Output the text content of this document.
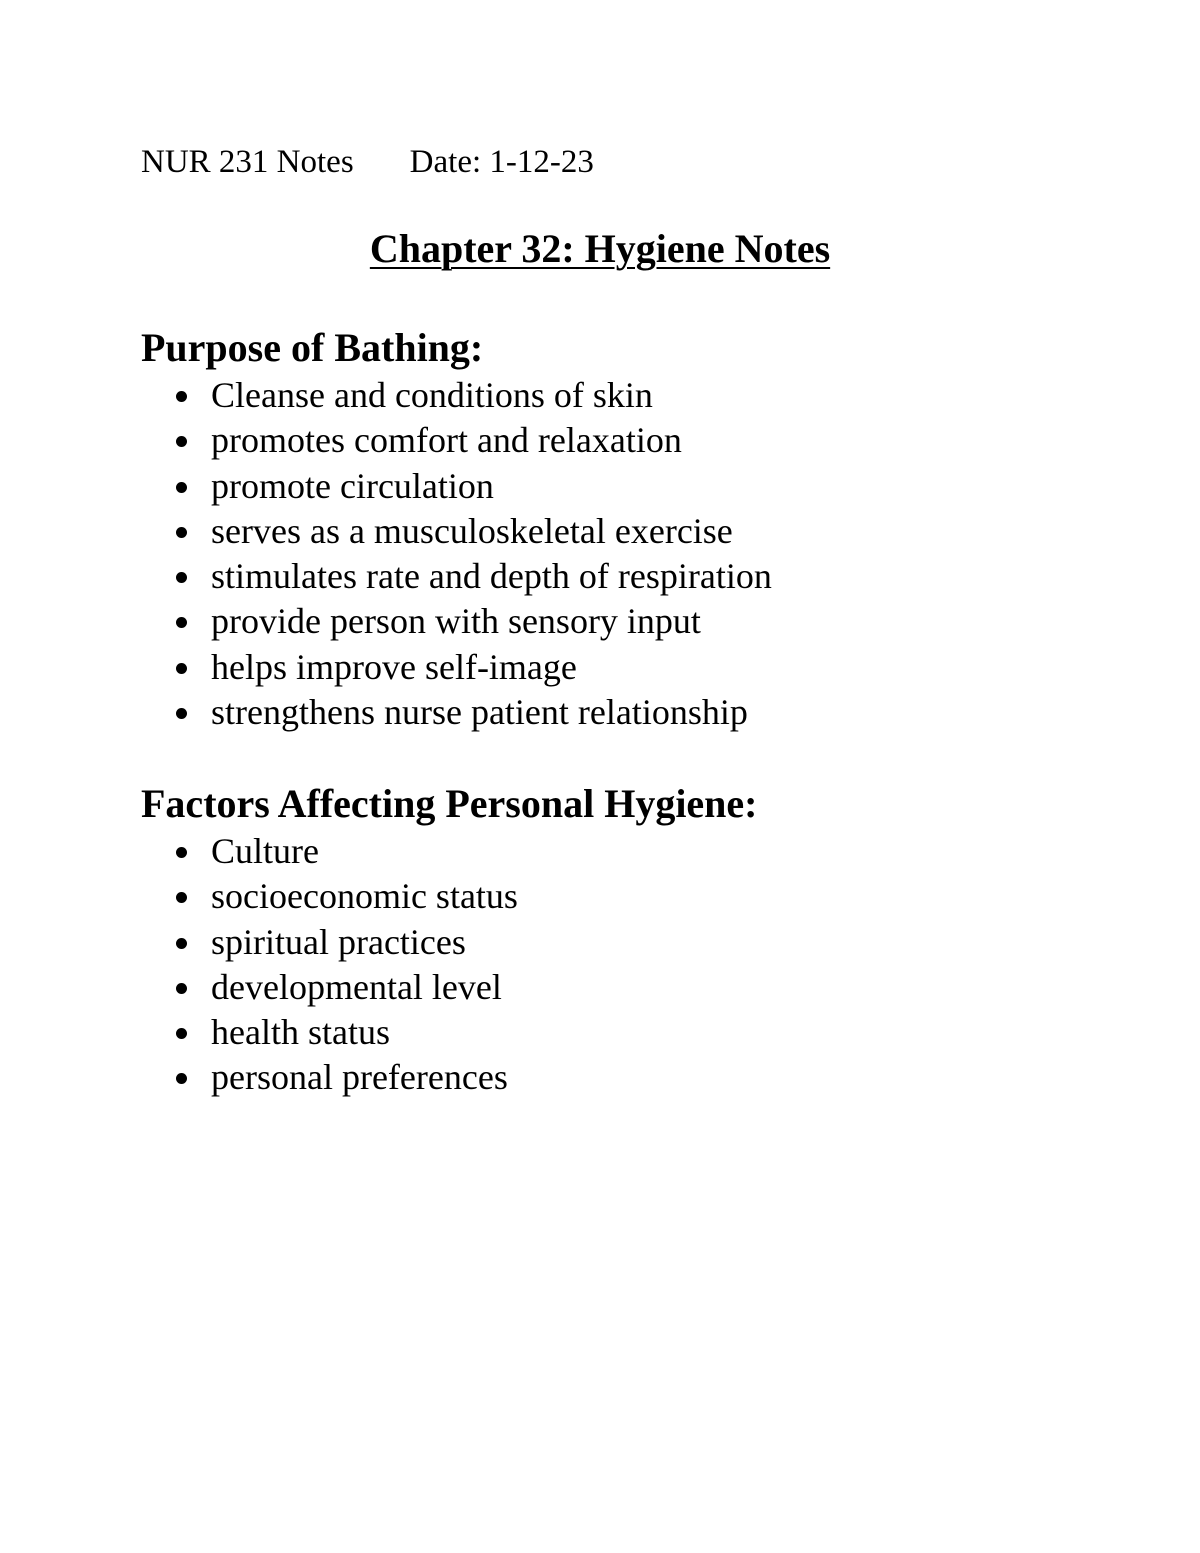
NUR 231 Notes Date: 1-12-23
Chapter 32: Hygiene Notes
Purpose of Bathing:
Cleanse and conditions of skin
promotes comfort and relaxation
promote circulation
serves as a musculoskeletal exercise
stimulates rate and depth of respiration
provide person with sensory input
helps improve self-image
strengthens nurse patient relationship
Factors Affecting Personal Hygiene:
Culture
socioeconomic status
spiritual practices
developmental level
health status
personal preferences
